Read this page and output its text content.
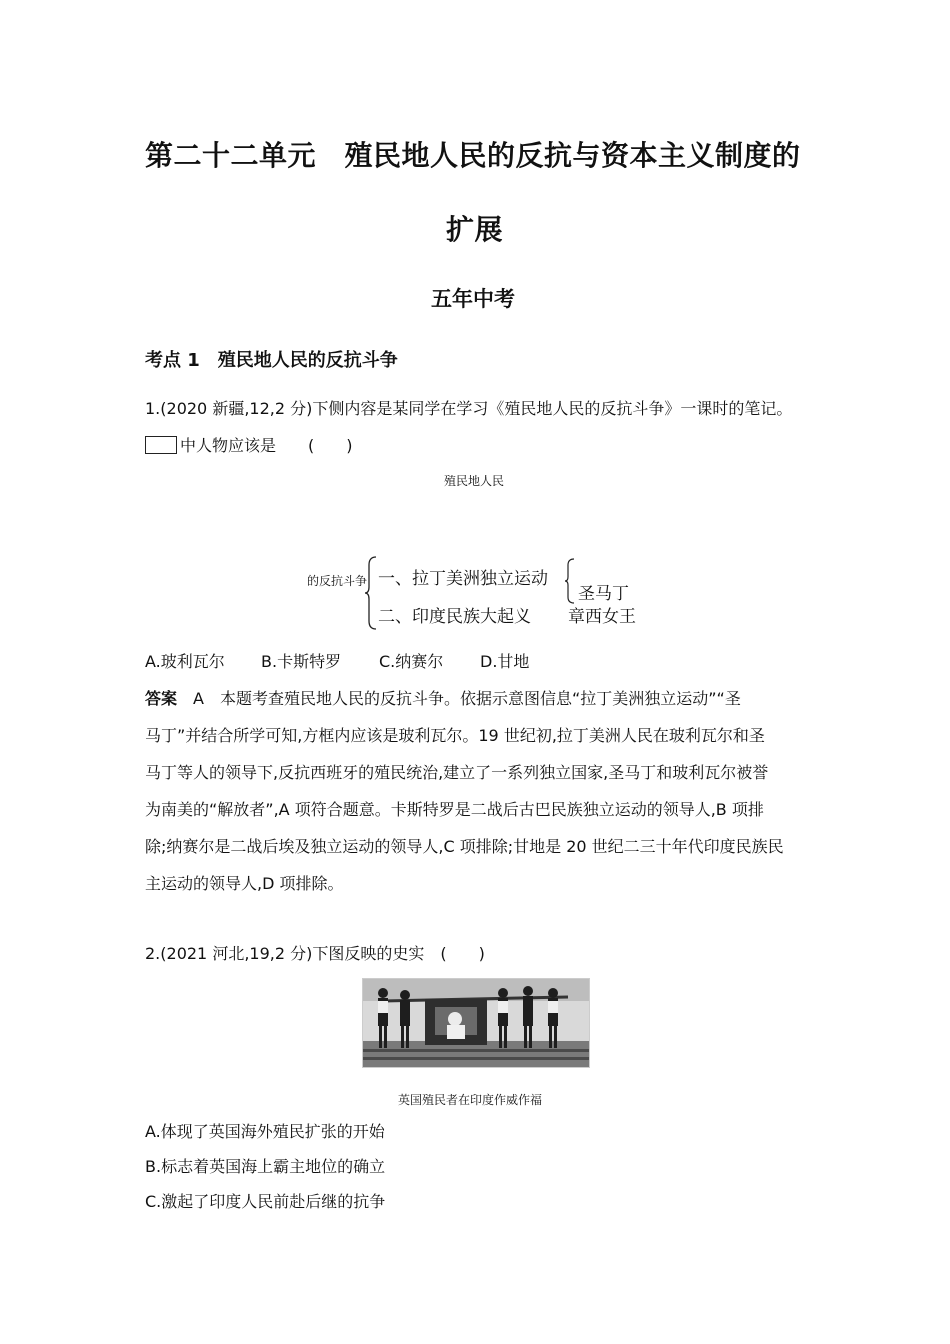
第二十二单元　殖民地人民的反抗与资本主义制度的
扩展
五年中考
考点 1　殖民地人民的反抗斗争
1.(2020 新疆,12,2 分)下侧内容是某同学在学习《殖民地人民的反抗斗争》一课时的笔记。
中人物应该是　　(　　)
殖民地人民
的反抗斗争 一、拉丁美洲独立运动
圣马丁
二、印度民族大起义 章西女王
A.玻利瓦尔 B.卡斯特罗 C.纳赛尔 D.甘地
答案 A　本题考查殖民地人民的反抗斗争。依据示意图信息“拉丁美洲独立运动”“圣
马丁”并结合所学可知,方框内应该是玻利瓦尔。19 世纪初,拉丁美洲人民在玻利瓦尔和圣
马丁等人的领导下,反抗西班牙的殖民统治,建立了一系列独立国家,圣马丁和玻利瓦尔被誉
为南美的“解放者”,A 项符合题意。卡斯特罗是二战后古巴民族独立运动的领导人,B 项排
除;纳赛尔是二战后埃及独立运动的领导人,C 项排除;甘地是 20 世纪二三十年代印度民族民
主运动的领导人,D 项排除。
2.(2021 河北,19,2 分)下图反映的史实　(　　)
英国殖民者在印度作威作福
A.体现了英国海外殖民扩张的开始
B.标志着英国海上霸主地位的确立
C.激起了印度人民前赴后继的抗争
